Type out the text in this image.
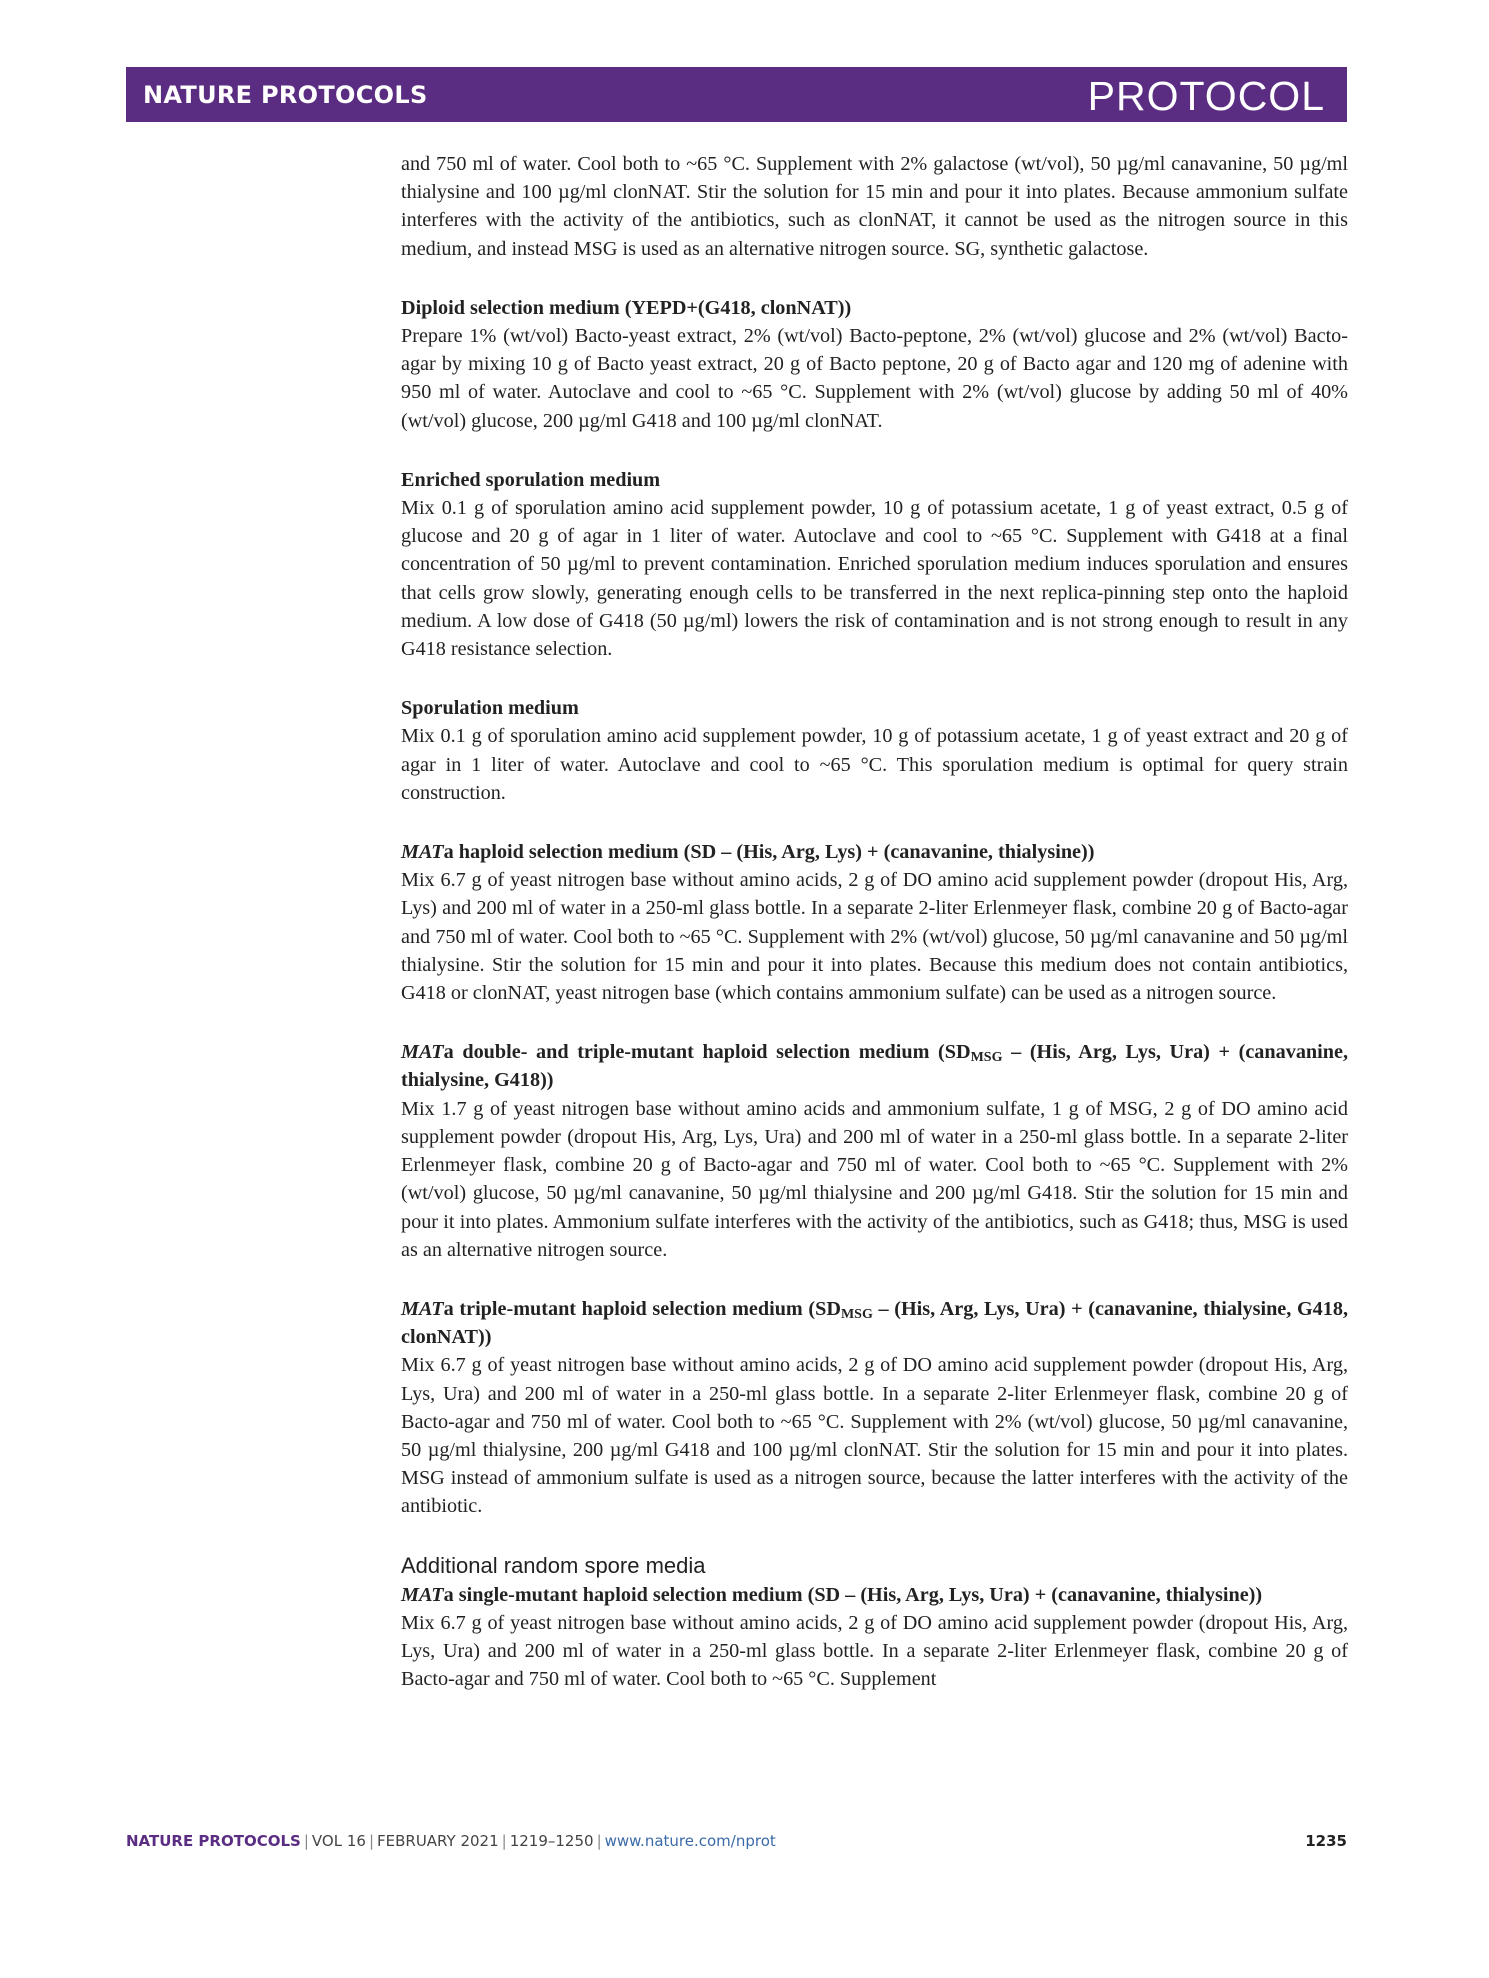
NATURE PROTOCOLS	PROTOCOL

and 750 ml of water. Cool both to ~65 °C. Supplement with 2% galactose (wt/vol), 50 µg/ml canavanine, 50 µg/ml thialysine and 100 µg/ml clonNAT. Stir the solution for 15 min and pour it into plates. Because ammonium sulfate interferes with the activity of the antibiotics, such as clonNAT, it cannot be used as the nitrogen source in this medium, and instead MSG is used as an alternative nitrogen source. SG, synthetic galactose.

Diploid selection medium (YEPD+(G418, clonNAT))

Prepare 1% (wt/vol) Bacto-yeast extract, 2% (wt/vol) Bacto-peptone, 2% (wt/vol) glucose and 2% (wt/vol) Bacto-agar by mixing 10 g of Bacto yeast extract, 20 g of Bacto peptone, 20 g of Bacto agar and 120 mg of adenine with 950 ml of water. Autoclave and cool to ~65 °C. Supplement with 2% (wt/vol) glucose by adding 50 ml of 40% (wt/vol) glucose, 200 µg/ml G418 and 100 µg/ml clonNAT.

Enriched sporulation medium

Mix 0.1 g of sporulation amino acid supplement powder, 10 g of potassium acetate, 1 g of yeast extract, 0.5 g of glucose and 20 g of agar in 1 liter of water. Autoclave and cool to ~65 °C. Supplement with G418 at a final concentration of 50 µg/ml to prevent contamination. Enriched sporulation medium induces sporulation and ensures that cells grow slowly, generating enough cells to be transferred in the next replica-pinning step onto the haploid medium. A low dose of G418 (50 µg/ml) lowers the risk of contamination and is not strong enough to result in any G418 resistance selection.

Sporulation medium

Mix 0.1 g of sporulation amino acid supplement powder, 10 g of potassium acetate, 1 g of yeast extract and 20 g of agar in 1 liter of water. Autoclave and cool to ~65 °C. This sporulation medium is optimal for query strain construction.

MATa haploid selection medium (SD – (His, Arg, Lys) + (canavanine, thialysine))

Mix 6.7 g of yeast nitrogen base without amino acids, 2 g of DO amino acid supplement powder (dropout His, Arg, Lys) and 200 ml of water in a 250-ml glass bottle. In a separate 2-liter Erlenmeyer flask, combine 20 g of Bacto-agar and 750 ml of water. Cool both to ~65 °C. Supplement with 2% (wt/vol) glucose, 50 µg/ml canavanine and 50 µg/ml thialysine. Stir the solution for 15 min and pour it into plates. Because this medium does not contain antibiotics, G418 or clonNAT, yeast nitrogen base (which contains ammonium sulfate) can be used as a nitrogen source.

MATa double- and triple-mutant haploid selection medium ($SD_{MSG} - (His$, Arg, Lys, Ura) + (canavanine, thialysine, G418))

Mix 1.7 g of yeast nitrogen base without amino acids and ammonium sulfate, 1 g of MSG, 2 g of DO amino acid supplement powder (dropout His, Arg, Lys, Ura) and 200 ml of water in a 250-ml glass bottle. In a separate 2-liter Erlenmeyer flask, combine 20 g of Bacto-agar and 750 ml of water. Cool both to ~65 °C. Supplement with 2% (wt/vol) glucose, 50 µg/ml canavanine, 50 µg/ml thialysine and 200 µg/ml G418. Stir the solution for 15 min and pour it into plates. Ammonium sulfate interferes with the activity of the antibiotics, such as G418; thus, MSG is used as an alternative nitrogen source.

MATa triple-mutant haploid selection medium ($SD_{MSG} - (His$, Arg, Lys, Ura) + (canavanine, thialysine, G418, clonNAT))

Mix 6.7 g of yeast nitrogen base without amino acids, 2 g of DO amino acid supplement powder (dropout His, Arg, Lys, Ura) and 200 ml of water in a 250-ml glass bottle. In a separate 2-liter Erlenmeyer flask, combine 20 g of Bacto-agar and 750 ml of water. Cool both to ~65 °C. Supplement with 2% (wt/vol) glucose, 50 µg/ml canavanine, 50 µg/ml thialysine, 200 µg/ml G418 and 100 µg/ml clonNAT. Stir the solution for 15 min and pour it into plates. MSG instead of ammonium sulfate is used as a nitrogen source, because the latter interferes with the activity of the antibiotic.

Additional random spore media
MATa single-mutant haploid selection medium (SD – (His, Arg, Lys, Ura) + (canavanine, thialysine))

Mix 6.7 g of yeast nitrogen base without amino acids, 2 g of DO amino acid supplement powder (dropout His, Arg, Lys, Ura) and 200 ml of water in a 250-ml glass bottle. In a separate 2-liter Erlenmeyer flask, combine 20 g of Bacto-agar and 750 ml of water. Cool both to ~65 °C. Supplement

NATURE PROTOCOLS | VOL 16 | FEBRUARY 2021 | 1219–1250 | www.nature.com/nprot	1235
